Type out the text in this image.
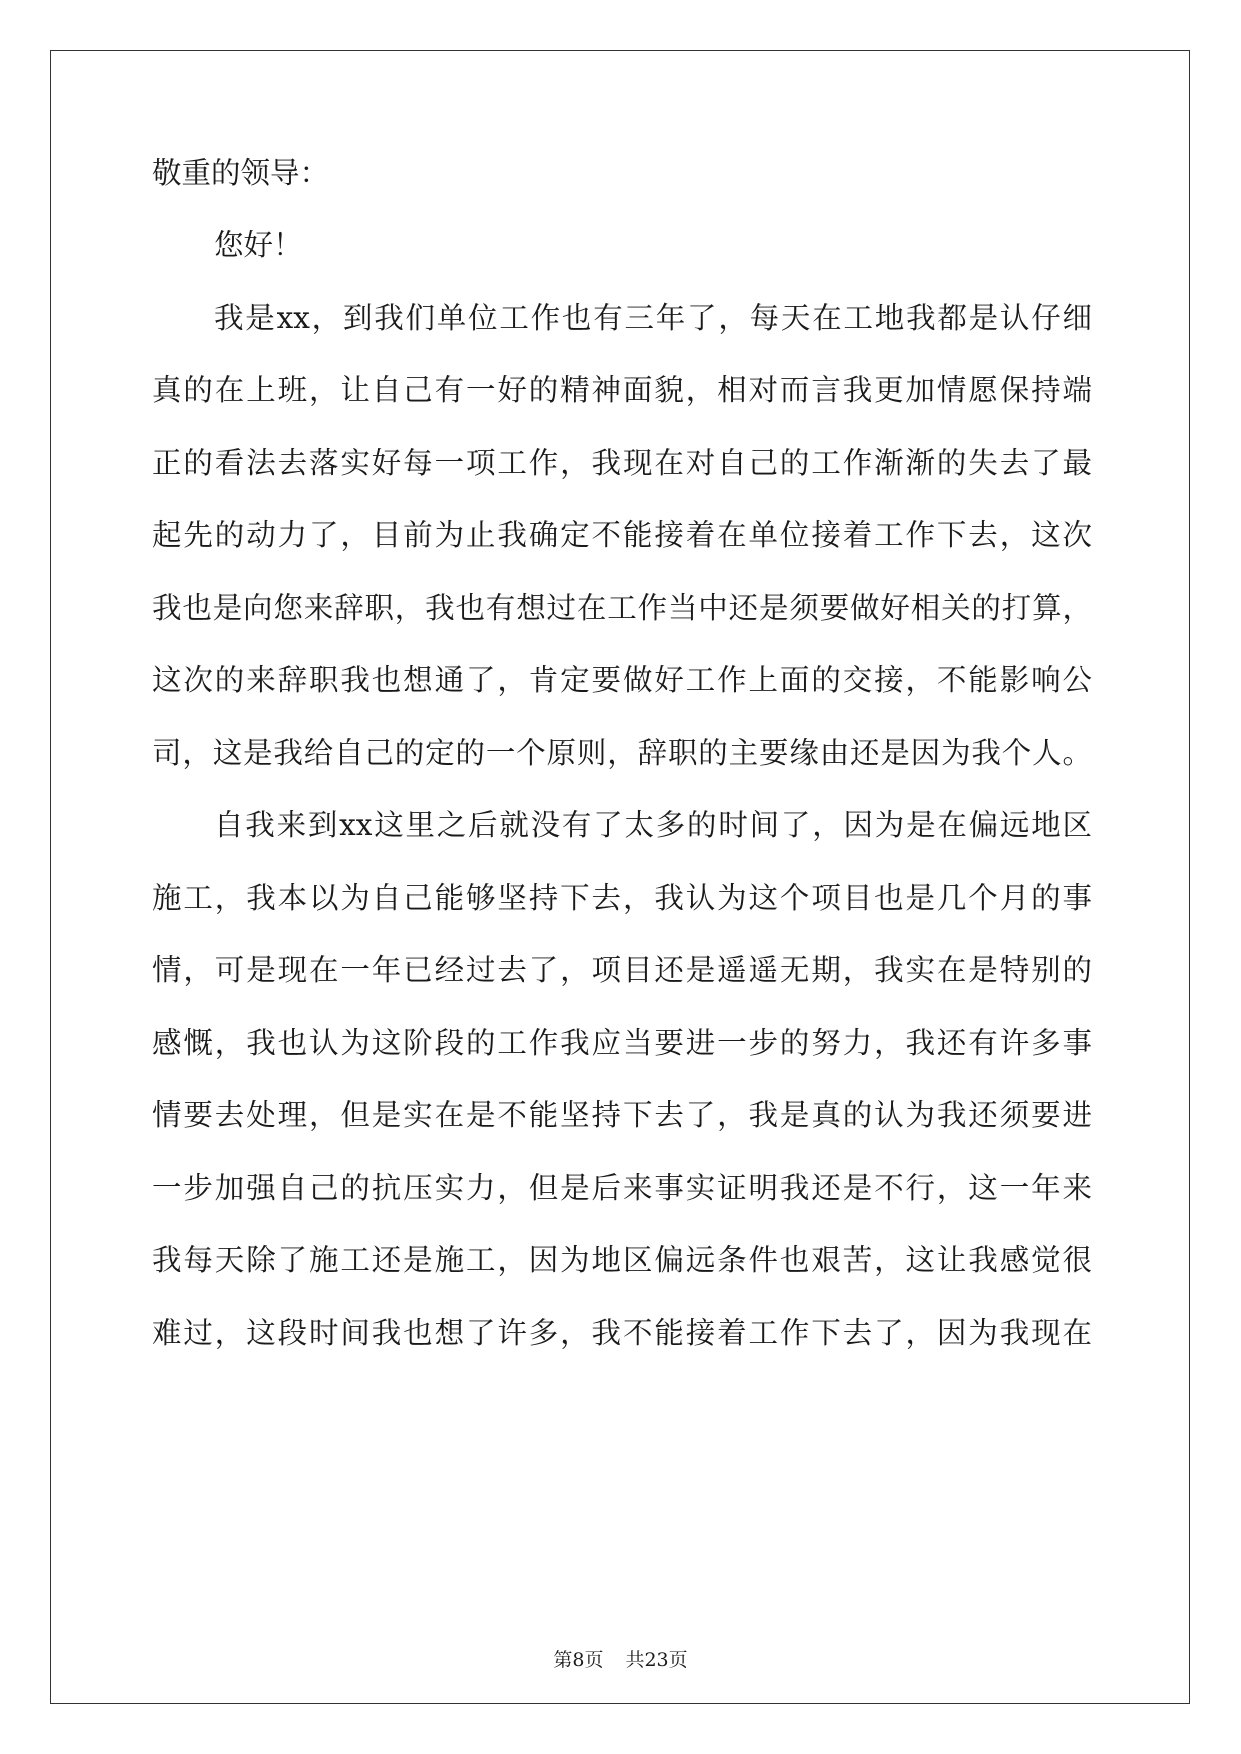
敬重的领导：
您好！
我是xx，到我们单位工作也有三年了，每天在工地我都是认仔细
真的在上班，让自己有一好的精神面貌，相对而言我更加情愿保持端
正的看法去落实好每一项工作，我现在对自己的工作渐渐的失去了最
起先的动力了，目前为止我确定不能接着在单位接着工作下去，这次
我也是向您来辞职，我也有想过在工作当中还是须要做好相关的打算，
这次的来辞职我也想通了，肯定要做好工作上面的交接，不能影响公
司，这是我给自己的定的一个原则，辞职的主要缘由还是因为我个人。
自我来到xx这里之后就没有了太多的时间了，因为是在偏远地区
施工，我本以为自己能够坚持下去，我认为这个项目也是几个月的事
情，可是现在一年已经过去了，项目还是遥遥无期，我实在是特别的
感慨，我也认为这阶段的工作我应当要进一步的努力，我还有许多事
情要去处理，但是实在是不能坚持下去了，我是真的认为我还须要进
一步加强自己的抗压实力，但是后来事实证明我还是不行，这一年来
我每天除了施工还是施工，因为地区偏远条件也艰苦，这让我感觉很
难过，这段时间我也想了许多，我不能接着工作下去了，因为我现在
第8页 共23页
